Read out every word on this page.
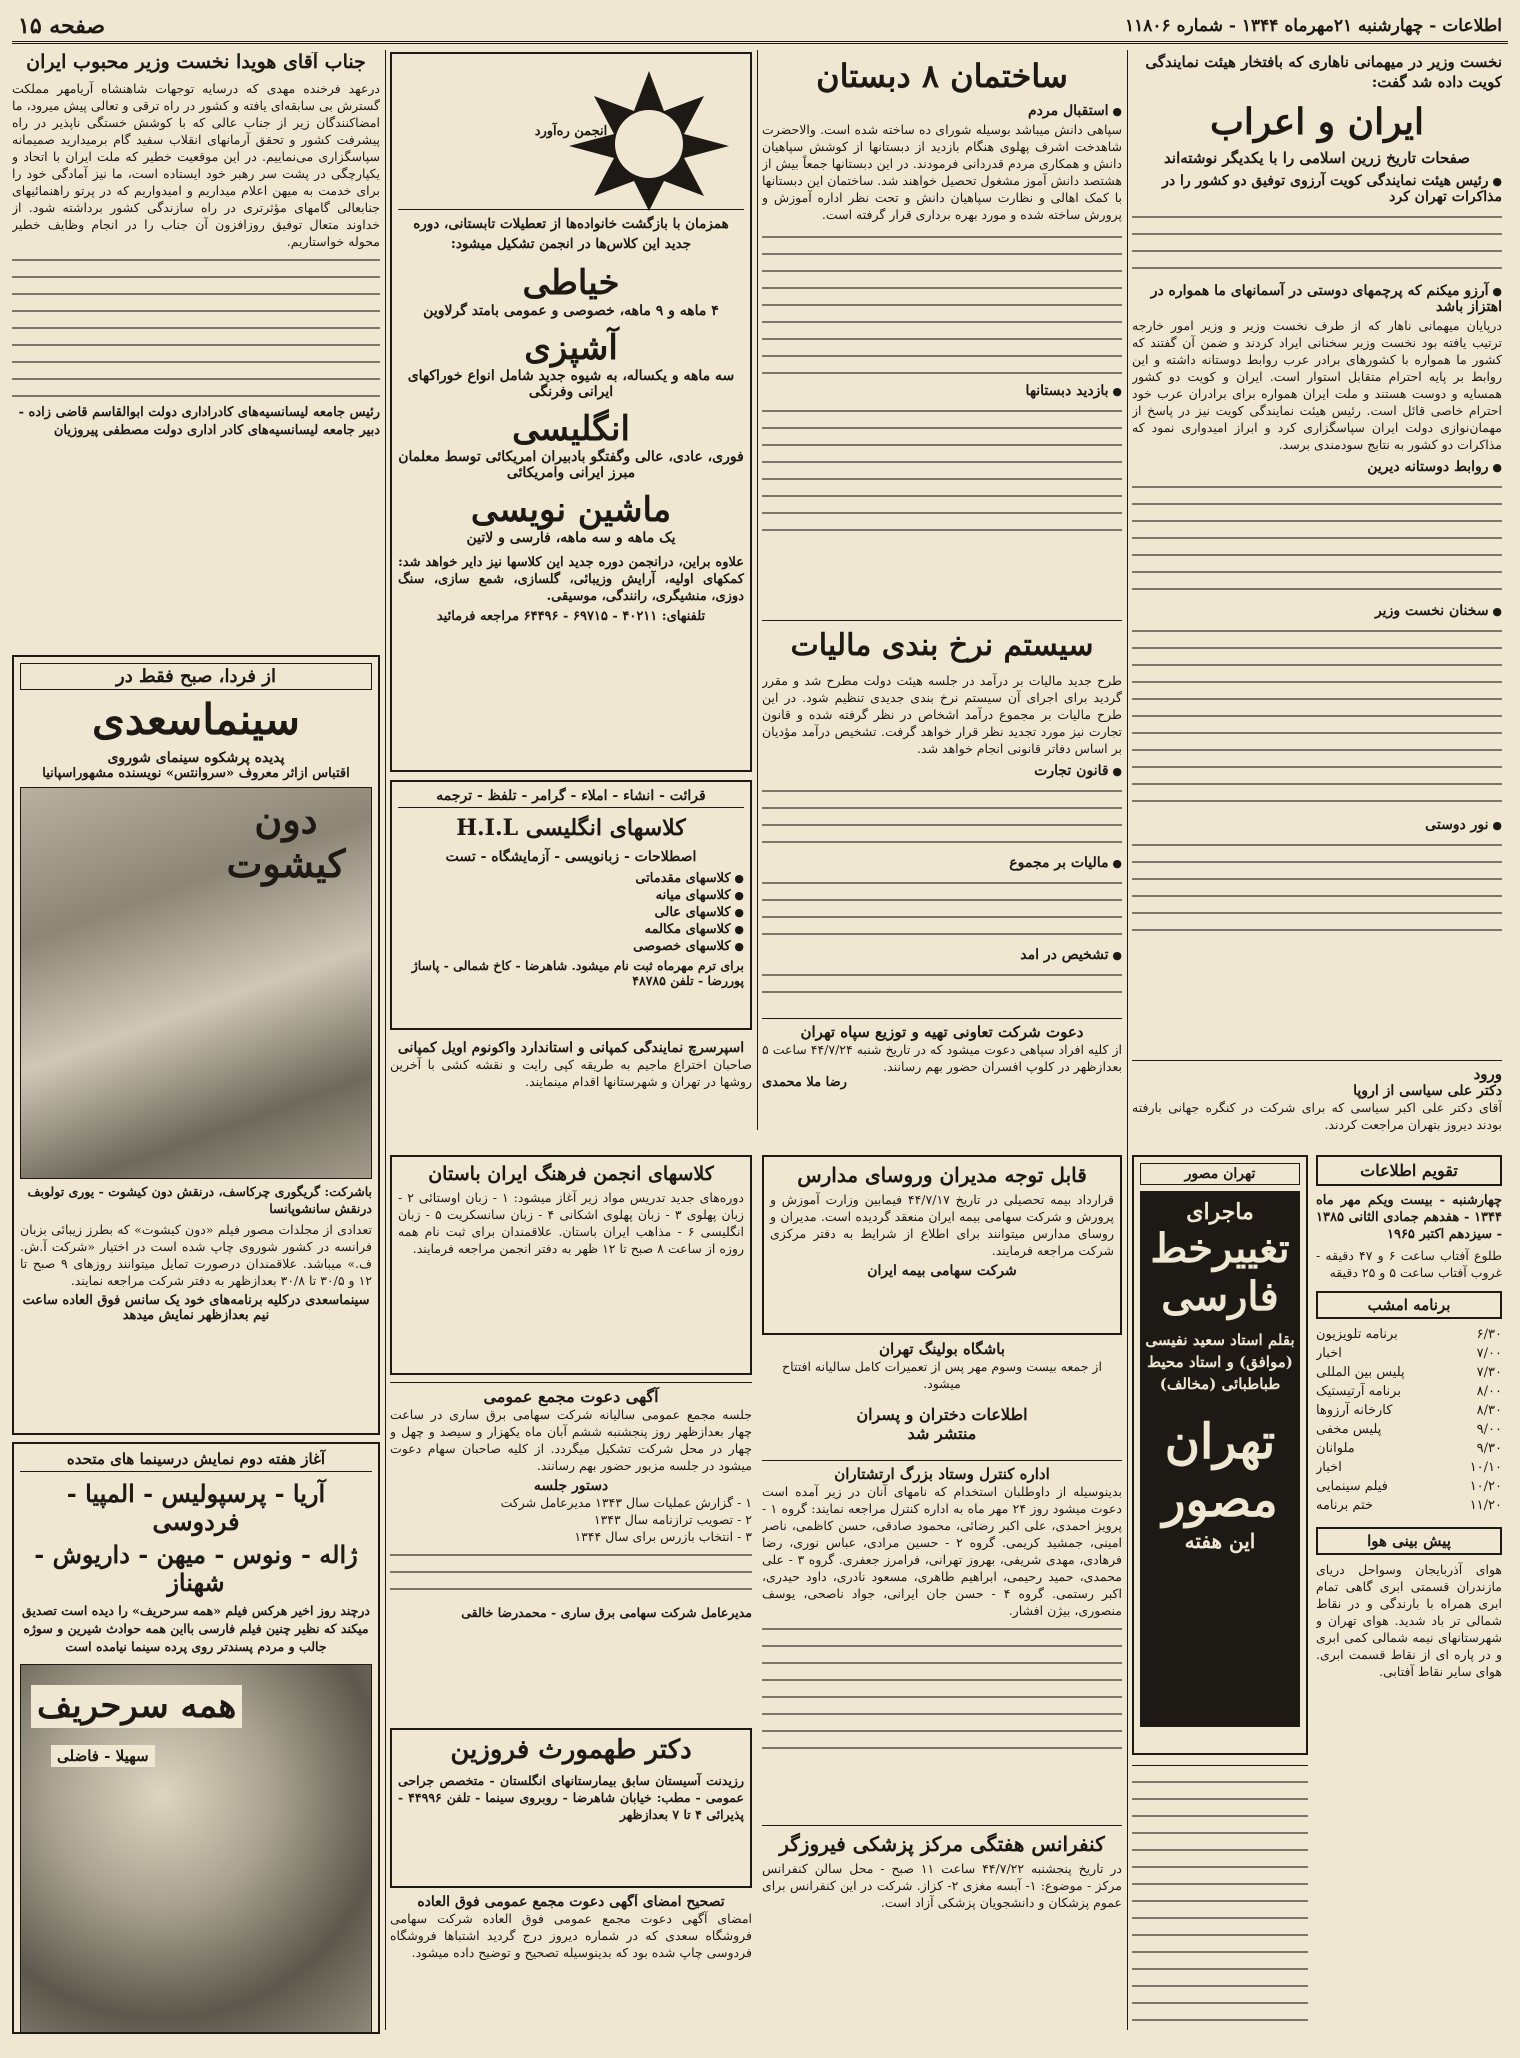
اطلاعات - چهارشنبه ۲۱مهرماه ۱۳۴۴ - شماره ۱۱۸۰۶
صفحه ۱۵
نخست وزیر در میهمانی ناهاری که بافتخار هیئت نمایندگی کویت داده شد گفت:
ایران و اعراب
صفحات تاریخ زرین اسلامی را با یکدیگر نوشته‌اند
● رئیس هیئت نمایندگی کویت آرزوی توفیق دو کشور را در مذاکرات تهران کرد
● آرزو میکنم که پرچمهای دوستی در آسمانهای ما همواره در اهتزاز باشد
درپایان میهمانی ناهار که از طرف نخست وزیر و وزیر امور خارجه ترتیب یافته بود نخست وزیر سخنانی ایراد کردند و ضمن آن گفتند که کشور ما همواره با کشورهای برادر عرب روابط دوستانه داشته و این روابط بر پایه احترام متقابل استوار است. ایران و کویت دو کشور همسایه و دوست هستند و ملت ایران همواره برای برادران عرب خود احترام خاصی قائل است. رئیس هیئت نمایندگی کویت نیز در پاسخ از مهمان‌نوازی دولت ایران سپاسگزاری کرد و ابراز امیدواری نمود که مذاکرات دو کشور به نتایج سودمندی برسد.
● روابط دوستانه دیرین
● سخنان نخست وزیر
● نور دوستی
ورود
دکتر علی سیاسی از اروپا
آقای دکتر علی اکبر سیاسی که برای شرکت در کنگره جهانی بارفته بودند دیروز بتهران مراجعت کردند.
تهران مصور
ماجرای
تغییرخط
فارسی
بقلم استاد سعید نفیسی (موافق) و استاد محیط طباطبائی (مخالف)
تهران مصور
این هفته
تقویم اطلاعات
چهارشنبه - بیست ویکم مهر ماه ۱۳۴۴ - هفدهم جمادی الثانی ۱۳۸۵ - سیزدهم اکتبر ۱۹۶۵
طلوع آفتاب ساعت ۶ و ۴۷ دقیقه - غروب آفتاب ساعت ۵ و ۲۵ دقیقه
برنامه امشب
۶/۳۰
برنامه تلویزیون
۷/۰۰
اخبار
۷/۳۰
پلیس بین المللی
۸/۰۰
برنامه آرتیستیک
۸/۳۰
کارخانه آرزوها
۹/۰۰
پلیس مخفی
۹/۳۰
ملوانان
۱۰/۱۰
اخبار
۱۰/۲۰
فیلم سینمایی
۱۱/۲۰
ختم برنامه
پیش بینی هوا
هوای آذربایجان وسواحل دریای مازندران قسمتی ابری گاهی تمام ابری همراه با بارندگی و در نقاط شمالی تر باد شدید. هوای تهران و شهرستانهای نیمه شمالی کمی ابری و در پاره ای از نقاط قسمت ابری. هوای سایر نقاط آفتابی.
ساختمان ۸ دبستان
● استقبال مردم
سپاهی دانش میباشد بوسیله شورای ده ساخته شده است. والاحضرت شاهدخت اشرف پهلوی هنگام بازدید از دبستانها از کوشش سپاهیان دانش و همکاری مردم قدردانی فرمودند. در این دبستانها جمعاً بیش از هشتصد دانش آموز مشغول تحصیل خواهند شد. ساختمان این دبستانها با کمک اهالی و نظارت سپاهیان دانش و تحت نظر اداره آموزش و پرورش ساخته شده و مورد بهره برداری قرار گرفته است.
● بازدید دبستانها
سیستم نرخ بندی مالیات
طرح جدید مالیات بر درآمد در جلسه هیئت دولت مطرح شد و مقرر گردید برای اجرای آن سیستم نرخ بندی جدیدی تنظیم شود. در این طرح مالیات بر مجموع درآمد اشخاص در نظر گرفته شده و قانون تجارت نیز مورد تجدید نظر قرار خواهد گرفت. تشخیص درآمد مؤدیان بر اساس دفاتر قانونی انجام خواهد شد.
● قانون تجارت
● مالیات بر مجموع
● تشخیص در امد
دعوت شرکت تعاونی تهیه و توزیع سپاه تهران
از کلیه افراد سپاهی دعوت میشود که در تاریخ شنبه ۴۴/۷/۲۴ ساعت ۵ بعدازظهر در کلوپ افسران حضور بهم رسانند.
رضا ملا محمدی
قابل توجه مدیران وروسای مدارس
قرارداد بیمه تحصیلی در تاریخ ۴۴/۷/۱۷ فیمابین وزارت آموزش و پرورش و شرکت سهامی بیمه ایران منعقد گردیده است. مدیران و روسای مدارس میتوانند برای اطلاع از شرایط به دفتر مرکزی شرکت مراجعه فرمایند.
شرکت سهامی بیمه ایران
باشگاه بولینگ تهران
از جمعه بیست وسوم مهر پس از تعمیرات کامل سالیانه افتتاح میشود.
انجمن ره‌آورد
همزمان با بازگشت خانواده‌ها از تعطیلات تابستانی، دوره جدید این کلاس‌ها در انجمن تشکیل میشود:
خیاطی
۴ ماهه و ۹ ماهه، خصوصی و عمومی بامتد گرلاوین
آشپزی
سه ماهه و یکساله، به شیوه جدید شامل انواع خوراکهای ایرانی وفرنگی
انگلیسی
فوری، عادی، عالی وگفتگو بادبیران امریکائی توسط معلمان مبرز ایرانی وامریکائی
ماشین نویسی
یک ماهه و سه ماهه، فارسی و لاتین
علاوه براین، درانجمن دوره جدید این کلاسها نیز دایر خواهد شد: کمکهای اولیه، آرایش وزیبائی، گلسازی، شمع سازی، سنگ دوزی، منشیگری، رانندگی، موسیقی.
تلفنهای: ۴۰۲۱۱ - ۶۹۷۱۵ - ۶۴۴۹۶ مراجعه فرمائید
قرائت - انشاء - املاء - گرامر - تلفظ - ترجمه
کلاسهای انگلیسی H.I.L
اصطلاحات - زبانویسی - آزمایشگاه - تست
● کلاسهای مقدماتی
● کلاسهای میانه
● کلاسهای عالی
● کلاسهای مکالمه
● کلاسهای خصوصی
برای ترم مهرماه ثبت نام میشود. شاهرضا - کاخ شمالی - پاساژ پوررضا - تلفن ۴۸۷۸۵
اسپرسرچ نمایندگی کمپانی و استاندارد واکونوم اویل کمپانی
صاحبان اختراع ماجیم به طریقه کپی رایت و نقشه کشی با آخرین روشها در تهران و شهرستانها اقدام مینمایند.
کلاسهای انجمن فرهنگ ایران باستان
دوره‌های جدید تدریس مواد زیر آغاز میشود: ۱ - زبان اوستائی ۲ - زبان پهلوی ۳ - زبان پهلوی اشکانی ۴ - زبان سانسکریت ۵ - زبان انگلیسی ۶ - مذاهب ایران باستان. علاقمندان برای ثبت نام همه روزه از ساعت ۸ صبح تا ۱۲ ظهر به دفتر انجمن مراجعه فرمایند.
اطلاعات دختران و پسران
منتشر شد
آگهی دعوت مجمع عمومی
جلسه مجمع عمومی سالیانه شرکت سهامی برق ساری در ساعت چهار بعدازظهر روز پنجشنبه ششم آبان ماه یکهزار و سیصد و چهل و چهار در محل شرکت تشکیل میگردد. از کلیه صاحبان سهام دعوت میشود در جلسه مزبور حضور بهم رسانند.
دستور جلسه
۱ - گزارش عملیات سال ۱۳۴۳ مدیرعامل شرکت
۲ - تصویب ترازنامه سال ۱۳۴۳
۳ - انتخاب بازرس برای سال ۱۳۴۴
مدیرعامل شرکت سهامی برق ساری - محمدرضا خالقی
دکتر طهمورث فروزین
رزیدنت آسیستان سابق بیمارستانهای انگلستان - متخصص جراحی عمومی - مطب: خیابان شاهرضا - روبروی سینما - تلفن ۴۴۹۹۶ - پذیرائی ۴ تا ۷ بعدازظهر
تصحیح امضای آگهی دعوت مجمع عمومی فوق العاده
امضای آگهی دعوت مجمع عمومی فوق العاده شرکت سهامی فروشگاه سعدی که در شماره دیروز درج گردید اشتباها فروشگاه فردوسی چاپ شده بود که بدینوسیله تصحیح و توضیح داده میشود.
اداره کنترل وستاد بزرگ ارتشتاران
بدینوسیله از داوطلبان استخدام که نامهای آنان در زیر آمده است دعوت میشود روز ۲۴ مهر ماه به اداره کنترل مراجعه نمایند: گروه ۱ - پرویز احمدی، علی اکبر رضائی، محمود صادقی، حسن کاظمی، ناصر امینی، جمشید کریمی. گروه ۲ - حسین مرادی، عباس نوری، رضا فرهادی، مهدی شریفی، بهروز تهرانی، فرامرز جعفری. گروه ۳ - علی محمدی، حمید رحیمی، ابراهیم طاهری، مسعود نادری، داود حیدری، اکبر رستمی. گروه ۴ - حسن جان ایرانی، جواد ناصحی، یوسف منصوری، بیژن افشار.
کنفرانس هفتگی مرکز پزشکی فیروزگر
در تاریخ پنجشنبه ۴۴/۷/۲۲ ساعت ۱۱ صبح - محل سالن کنفرانس مرکز - موضوع: ۱- آبسه مغزی ۲- کزاز. شرکت در این کنفرانس برای عموم پزشکان و دانشجویان پزشکی آزاد است.
جناب آقای هویدا نخست وزیر محبوب ایران
درعهد فرخنده مهدی که درسایه توجهات شاهنشاه آریامهر مملکت گسترش بی سابقه‌ای یافته و کشور در راه ترقی و تعالی پیش میرود، ما امضاکنندگان زیر از جناب عالی که با کوشش خستگی ناپذیر در راه پیشرفت کشور و تحقق آرمانهای انقلاب سفید گام برمیدارید صمیمانه سپاسگزاری می‌نماییم. در این موقعیت خطیر که ملت ایران با اتحاد و یکپارچگی در پشت سر رهبر خود ایستاده است، ما نیز آمادگی خود را برای خدمت به میهن اعلام میداریم و امیدواریم که در پرتو راهنمائیهای جنابعالی گامهای مؤثرتری در راه سازندگی کشور برداشته شود. از خداوند متعال توفیق روزافزون آن جناب را در انجام وظایف خطیر محوله خواستاریم.
رئیس جامعه لیسانسیه‌های کادراداری دولت ابوالقاسم قاضی زاده - دبیر جامعه لیسانسیه‌های کادر اداری دولت مصطفی پیروزیان
از فردا، صبح فقط در
سینماسعدی
پدیده پرشکوه سینمای شوروی
اقتباس ازاثر معروف «سروانتس» نویسنده مشهوراسپانیا
دون کیشوت
باشرکت: گریگوری چرکاسف، درنقش دون کیشوت - یوری تولوبف درنقش سانشوپانسا
تعدادی از مجلدات مصور فیلم «دون کیشوت» که بطرز زیبائی بزبان فرانسه در کشور شوروی چاپ شده است در اختیار «شرکت آ.ش. ف.» میباشد. علاقمندان درصورت تمایل میتوانند روزهای ۹ صبح تا ۱۲ و ۳۰/۵ تا ۳۰/۸ بعدازظهر به دفتر شرکت مراجعه نمایند.
سینماسعدی درکلیه برنامه‌های خود یک سانس فوق العاده ساعت نیم بعدازظهر نمایش میدهد
آغاز هفته دوم نمایش درسینما های متحده
آریا - پرسپولیس - المپیا - فردوسی
ژاله - ونوس - میهن - داریوش - شهناز
درچند روز اخیر هرکس فیلم «همه سرحریف» را دیده است تصدیق میکند که نظیر چنین فیلم فارسی بااین همه حوادث شیرین و سوژه جالب و مردم پسندتر روی پرده سینما نیامده است
همه سرحریف
سهیلا - فاضلی
